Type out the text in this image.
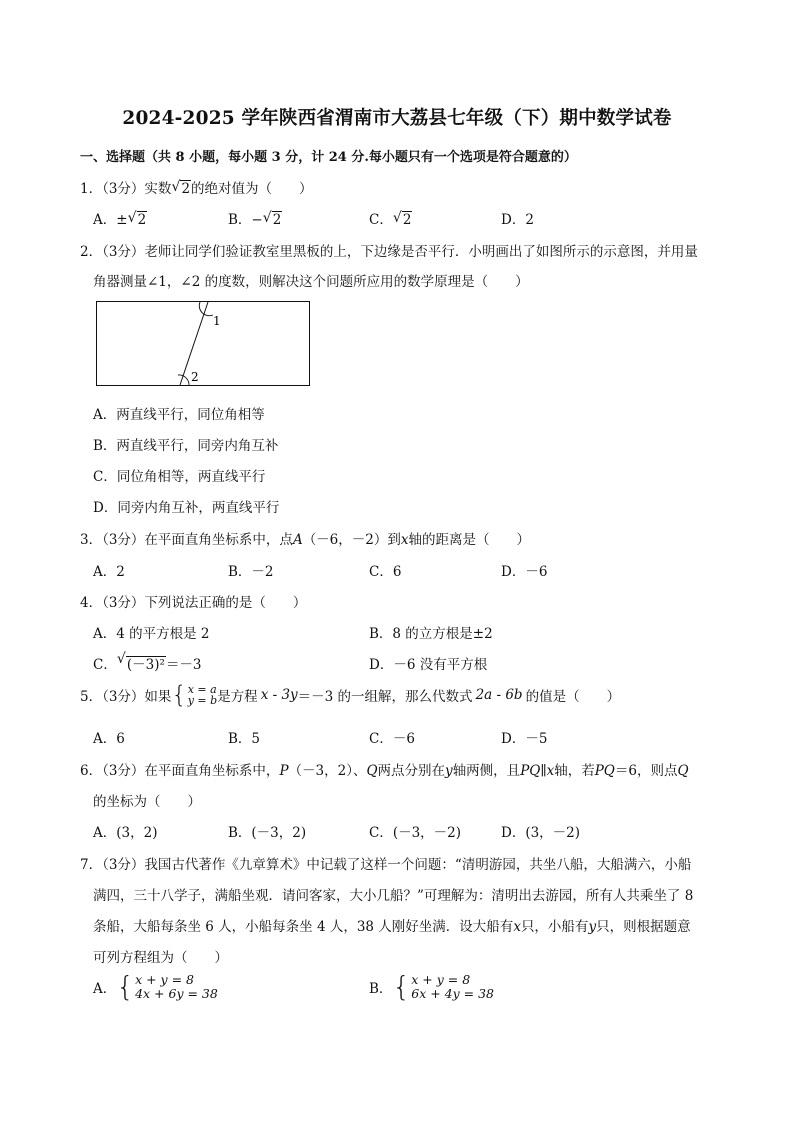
2024-2025 学年陕西省渭南市大荔县七年级（下）期中数学试卷
一、选择题（共 8 小题，每小题 3 分，计 24 分.每小题只有一个选项是符合题意的）
1．（3分）实数 √ 2的绝对值为（　　）
A．± √ 2	B．− √ 2	C． √ 2	D．2
2．（3分）老师让同学们验证教室里黑板的上，下边缘是否平行．小明画出了如图所示的示意图，并用量
角器测量∠1，∠2 的度数，则解决这个问题所应用的数学原理是（　　）
1
2
A．两直线平行，同位角相等
B．两直线平行，同旁内角互补
C．同位角相等，两直线平行
D．同旁内角互补，两直线平行
3．（3分）在平面直角坐标系中，点A（－6，－2）到x轴的距离是（　　）
A．2	B．－2	C．6	D．－6
4．（3分）下列说法正确的是（　　）
A．4 的平方根是 2	B．8 的立方根是±2
C． √ (－3)²＝－3	D．－6 没有平方根
5．（3分）如果 { x = a
y = b 是方程 x - 3y ＝－3 的一组解，那么代数式 2a - 6b 的值是（　　）
A．6	B．5	C．－6	D．－5
6．（3分）在平面直角坐标系中，P（－3，2）、Q两点分别在y轴两侧，且PQ∥x轴，若PQ＝6，则点Q
的坐标为（　　）
A．(3，2)	B．(－3，2)	C．(－3，－2)	D．(3，－2)
7．（3分）我国古代著作《九章算术》中记载了这样一个问题：“清明游园，共坐八船，大船满六，小船
满四，三十八学子，满船坐观．请问客家，大小几船？”可理解为：清明出去游园，所有人共乘坐了 8
条船，大船每条坐 6 人，小船每条坐 4 人，38 人刚好坐满．设大船有x只，小船有y只，则根据题意
可列方程组为（　　）
A． { x + y = 8
4x + 6y = 38	B． { x + y = 8
6x + 4y = 38
